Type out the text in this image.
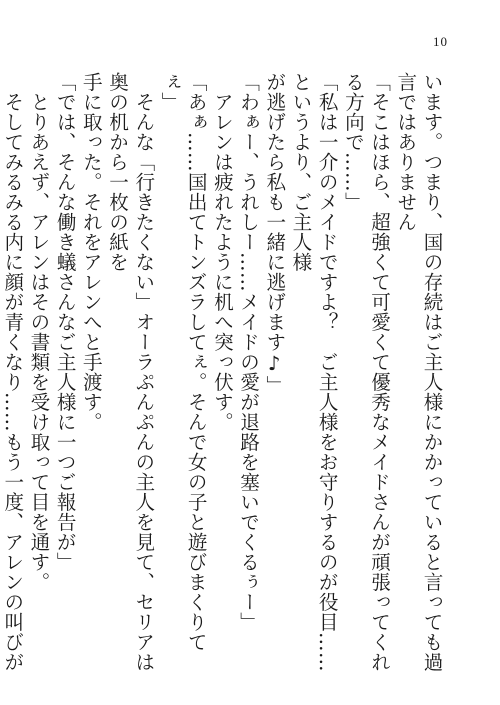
10

います。つまり、国の存続はご主人様にかかっていると言っても過言ではありません

「そこはほら、超強くて可愛くて優秀なメイドさんが頑張ってくれる方向で……」

「私は一介のメイドですよ？　ご主人様をお守りするのが役目……というより、ご主人様

が逃げたら私も一緒に逃げます♪」

「わぁー、うれしー……メイドの愛が退路を塞いでくるぅー」

　アレンは疲れたように机へ突っ伏す。

「あぁ……国出てトンズラしてぇ。そんで女の子と遊びまくりてぇ」

　そんな「行きたくない」オーラぷんぷんの主人を見て、セリアは奥の机から一枚の紙を

手に取った。それをアレンへと手渡す。

「では、そんな働き蟻さんなご主人様に一つご報告が」

　とりあえず、アレンはその書類を受け取って目を通す。

　そしてみるみる内に顔が青くなり……もう一度、アレンの叫びが
